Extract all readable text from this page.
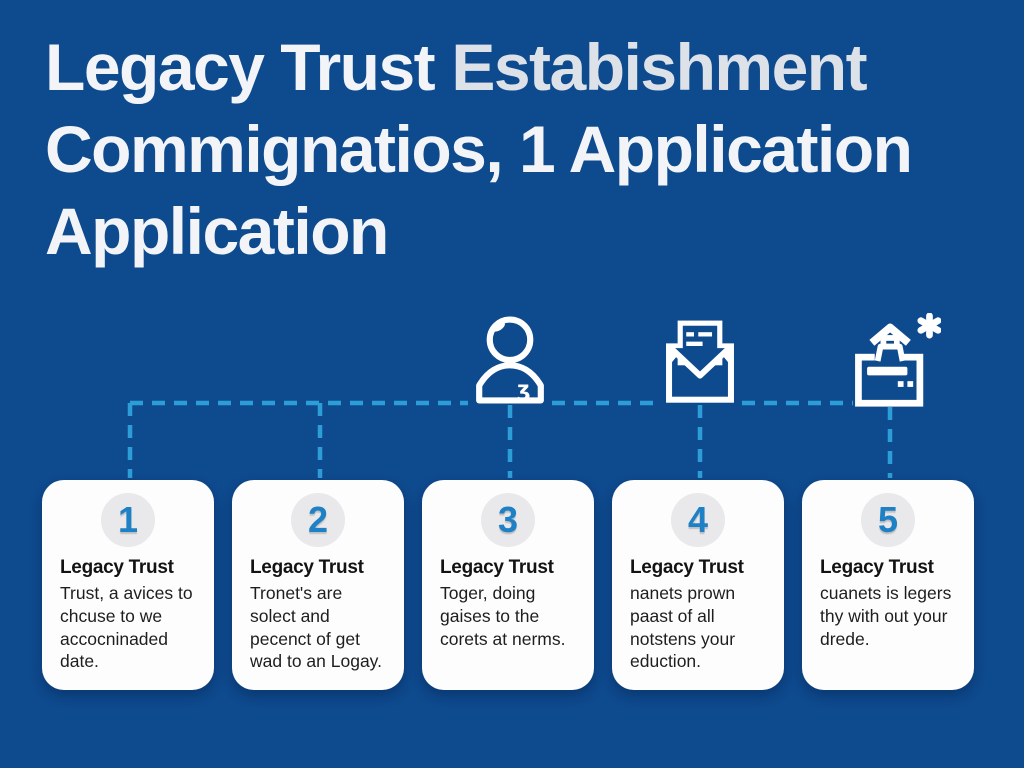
Legacy Trust Estabishment
Commignatios, 1 Application
Application
ʒ
1
Legacy Trust
Trust, a avices to chcuse to we accocninaded date.
2
Legacy Trust
Tronet's are solect and pecenct of get wad to an Logay.
3
Legacy Trust
Toger, doing gaises to the corets at nerms.
4
Legacy Trust
nanets prown paast of all notstens your eduction.
5
Legacy Trust
cuanets is legers thy with out your drede.
